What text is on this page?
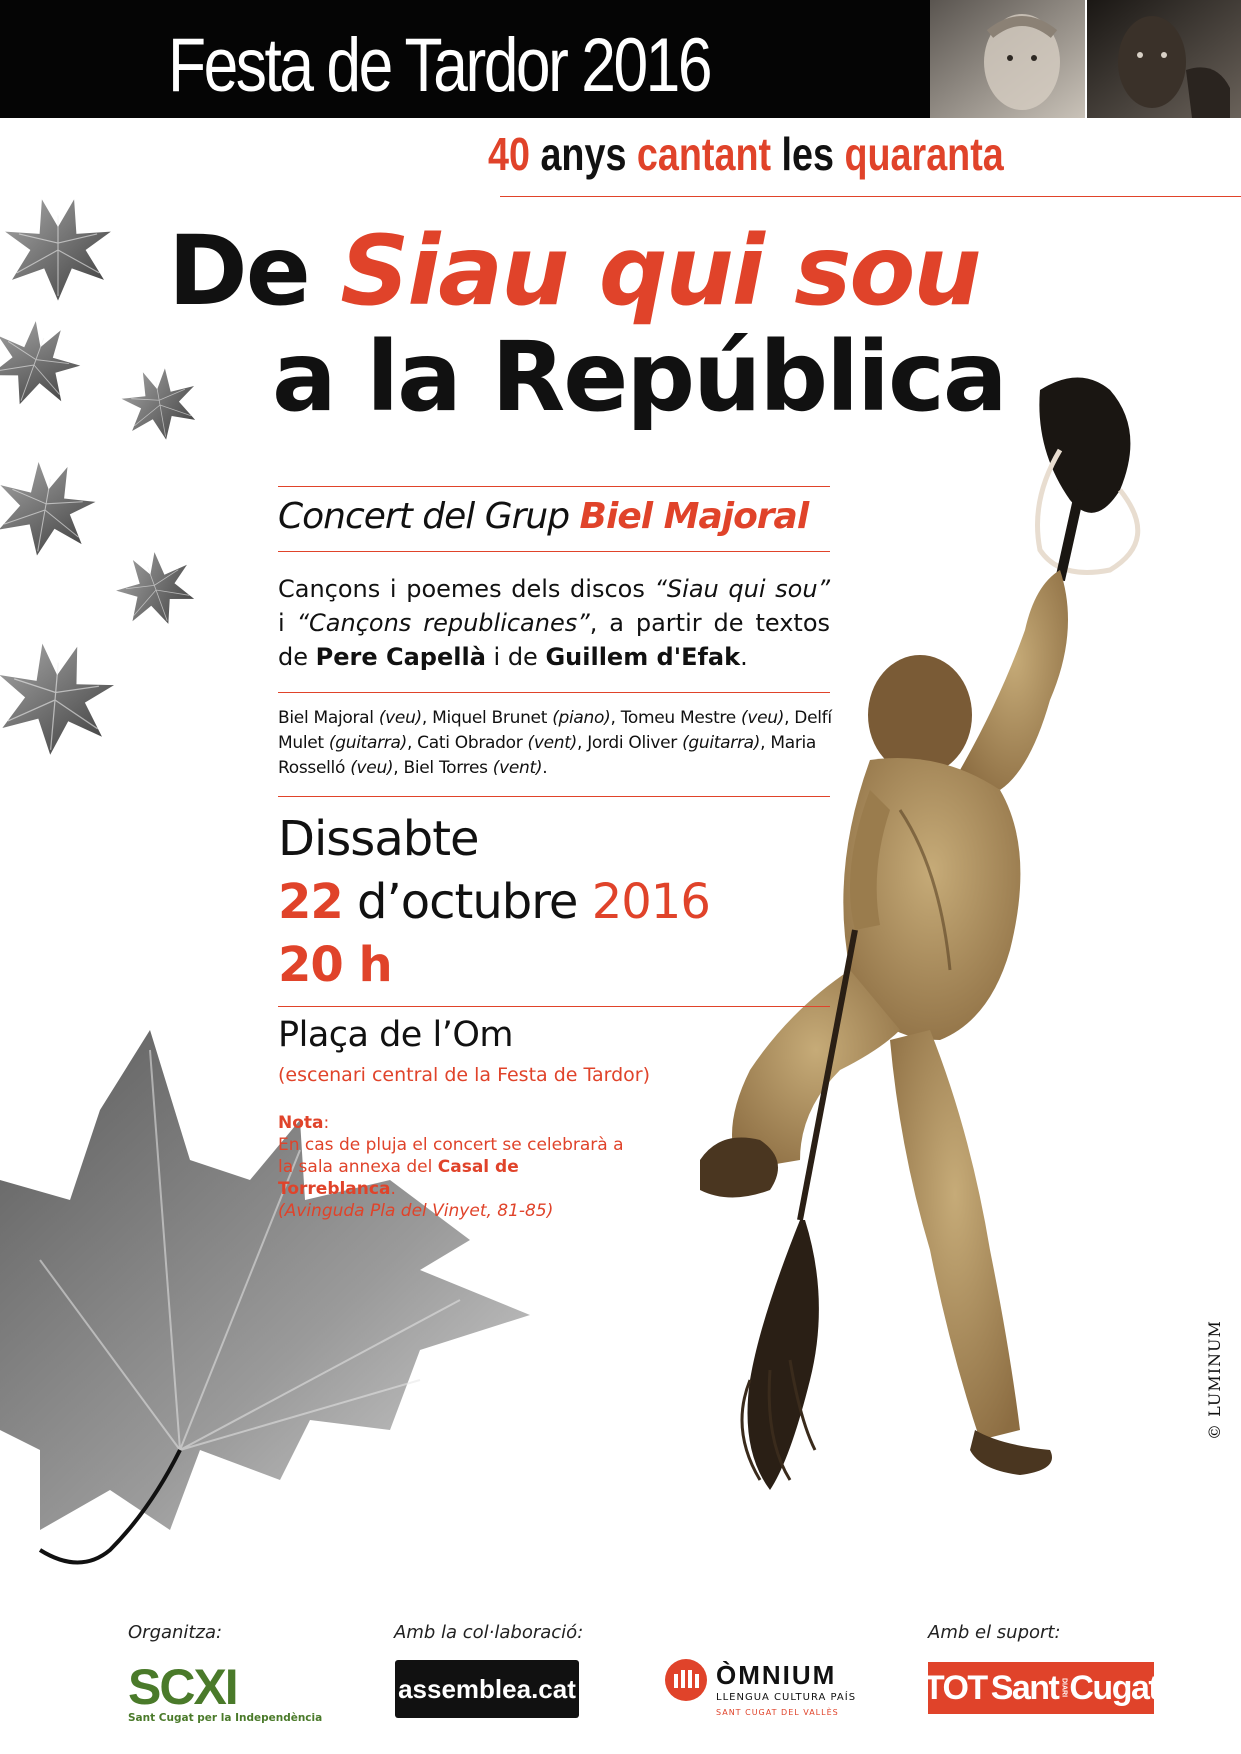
Festa de Tardor 2016
40 anys cantant les quaranta
De Siau qui sou
a la República
Concert del Grup Biel Majoral
Cançons i poemes dels discos “Siau qui sou” i “Cançons republicanes”, a partir de textos de Pere Capellà i de Guillem d'Efak.
Biel Majoral (veu), Miquel Brunet (piano), Tomeu Mestre (veu), Delfí Mulet (guitarra), Cati Obrador (vent), Jordi Oliver (guitarra), Maria Rosselló (veu), Biel Torres (vent).
Dissabte
22 d’octubre 2016
20 h
Plaça de l’Om
(escenari central de la Festa de Tardor)
Nota:
En cas de pluja el concert se celebrarà a la sala annexa del Casal de Torreblanca.
(Avinguda Pla del Vinyet, 81-85)
© LUMINUM
Organitza:	Amb la col·laboració:	Amb el suport:
SCXI
Sant Cugat per la Independència
assemblea.cat	ÒMNIUM
LLENGUA CULTURA PAÍS
SANT CUGAT DEL VALLÈS
TOT Sant DIARI Cugat
